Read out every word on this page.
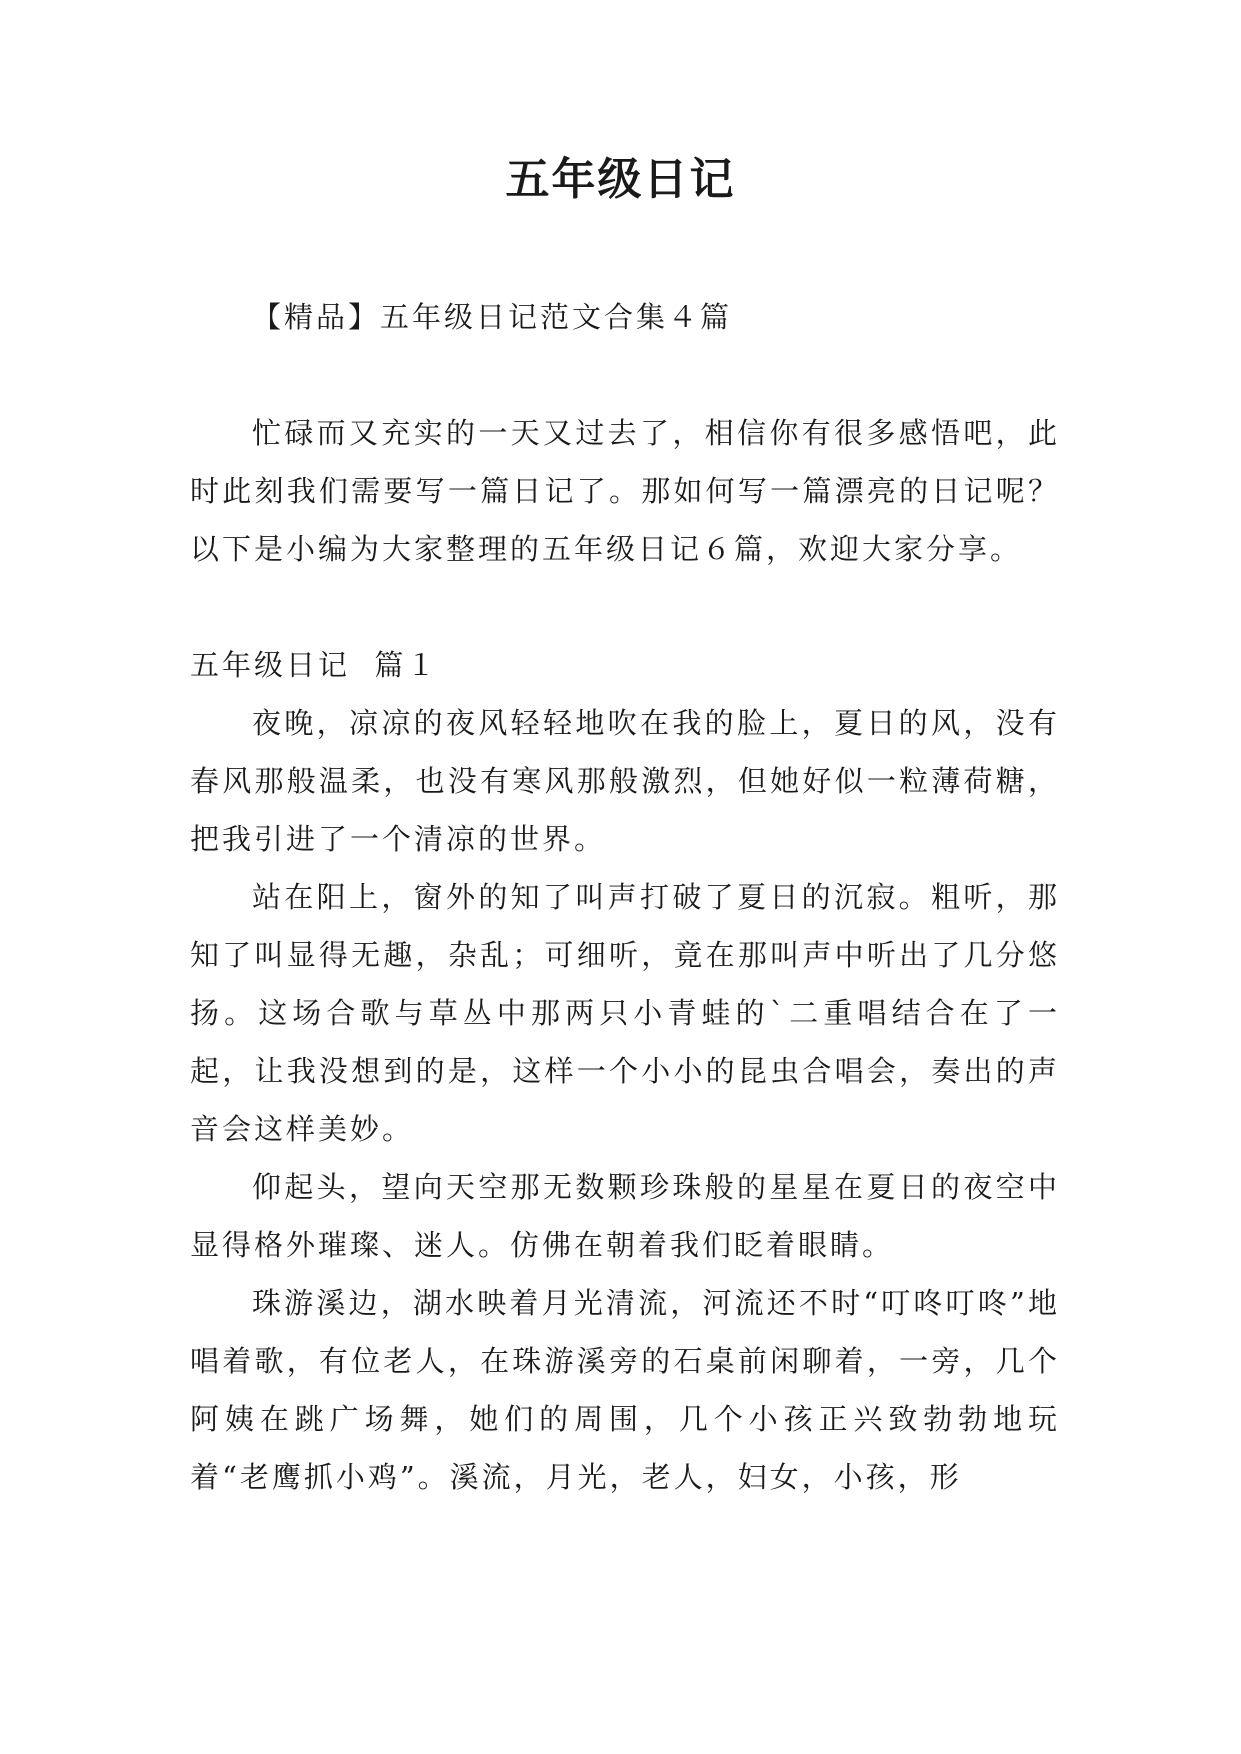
五年级日记

【精品】五年级日记范文合集４篇

忙碌而又充实的一天又过去了，相信你有很多感悟吧，此时此刻我们需要写一篇日记了。那如何写一篇漂亮的日记呢？以下是小编为大家整理的五年级日记６篇，欢迎大家分享。

五年级日记  篇１

夜晚，凉凉的夜风轻轻地吹在我的脸上，夏日的风，没有春风那般温柔，也没有寒风那般激烈，但她好似一粒薄荷糖，把我引进了一个清凉的世界。

站在阳上，窗外的知了叫声打破了夏日的沉寂。粗听，那知了叫显得无趣，杂乱；可细听，竟在那叫声中听出了几分悠扬。这场合歌与草丛中那两只小青蛙的`二重唱结合在了一起，让我没想到的是，这样一个小小的昆虫合唱会，奏出的声音会这样美妙。

仰起头，望向天空那无数颗珍珠般的星星在夏日的夜空中显得格外璀璨、迷人。仿佛在朝着我们眨着眼睛。

珠游溪边，湖水映着月光清流，河流还不时“叮咚叮咚”地唱着歌，有位老人，在珠游溪旁的石桌前闲聊着，一旁，几个阿姨在跳广场舞，她们的周围，几个小孩正兴致勃勃地玩着“老鹰抓小鸡”。溪流，月光，老人，妇女，小孩，形
